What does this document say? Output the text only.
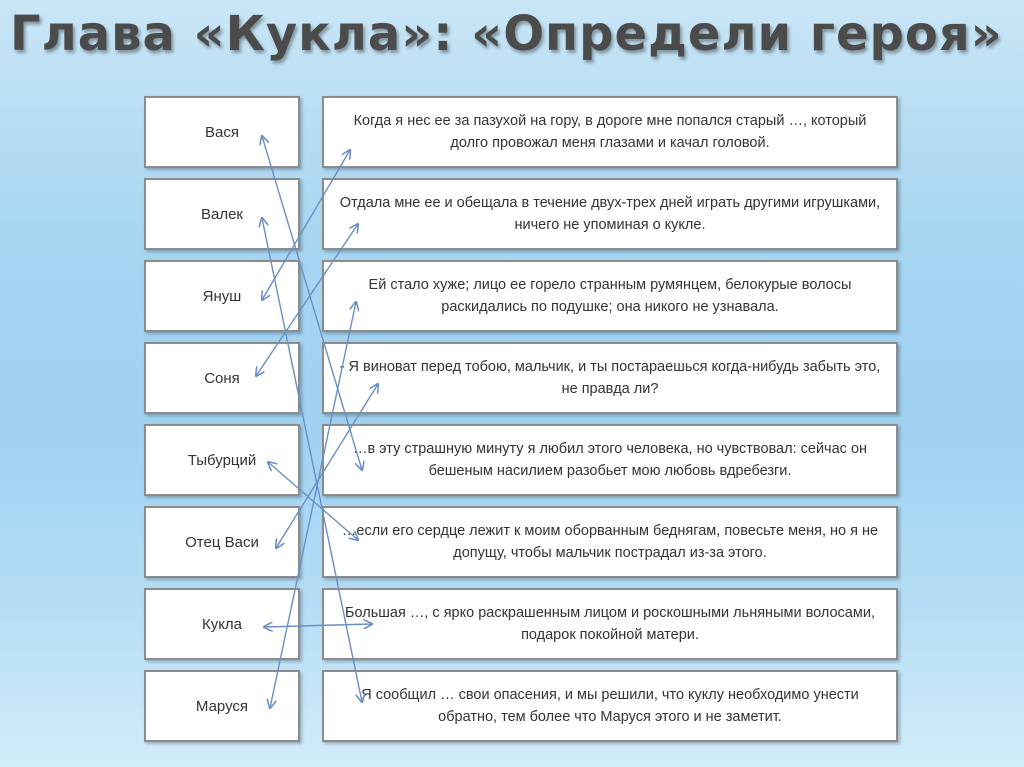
Глава «Кукла»: «Определи героя»
Вася
Валек
Януш
Соня
Тыбурций
Отец Васи
Кукла
Маруся
Когда я нес ее за пазухой на гору, в дороге мне попался старый …, который долго провожал меня глазами и качал головой.
Отдала мне ее и обещала в течение двух-трех дней играть другими игрушками, ничего не упоминая о кукле.
Ей стало хуже; лицо ее горело странным румянцем, белокурые волосы раскидались по подушке; она никого не узнавала.
- Я виноват перед тобою, мальчик, и ты постараешься когда-нибудь забыть это, не правда ли?
…в эту страшную минуту я любил этого человека, но чувствовал: сейчас он бешеным насилием разобьет мою любовь вдребезги.
…если его сердце лежит к моим оборванным беднягам, повесьте меня, но я не допущу, чтобы мальчик пострадал из-за этого.
Большая …, с ярко раскрашенным лицом и роскошными льняными волосами, подарок покойной матери.
Я сообщил … свои опасения, и мы решили, что куклу необходимо унести обратно, тем более что Маруся этого и не заметит.
